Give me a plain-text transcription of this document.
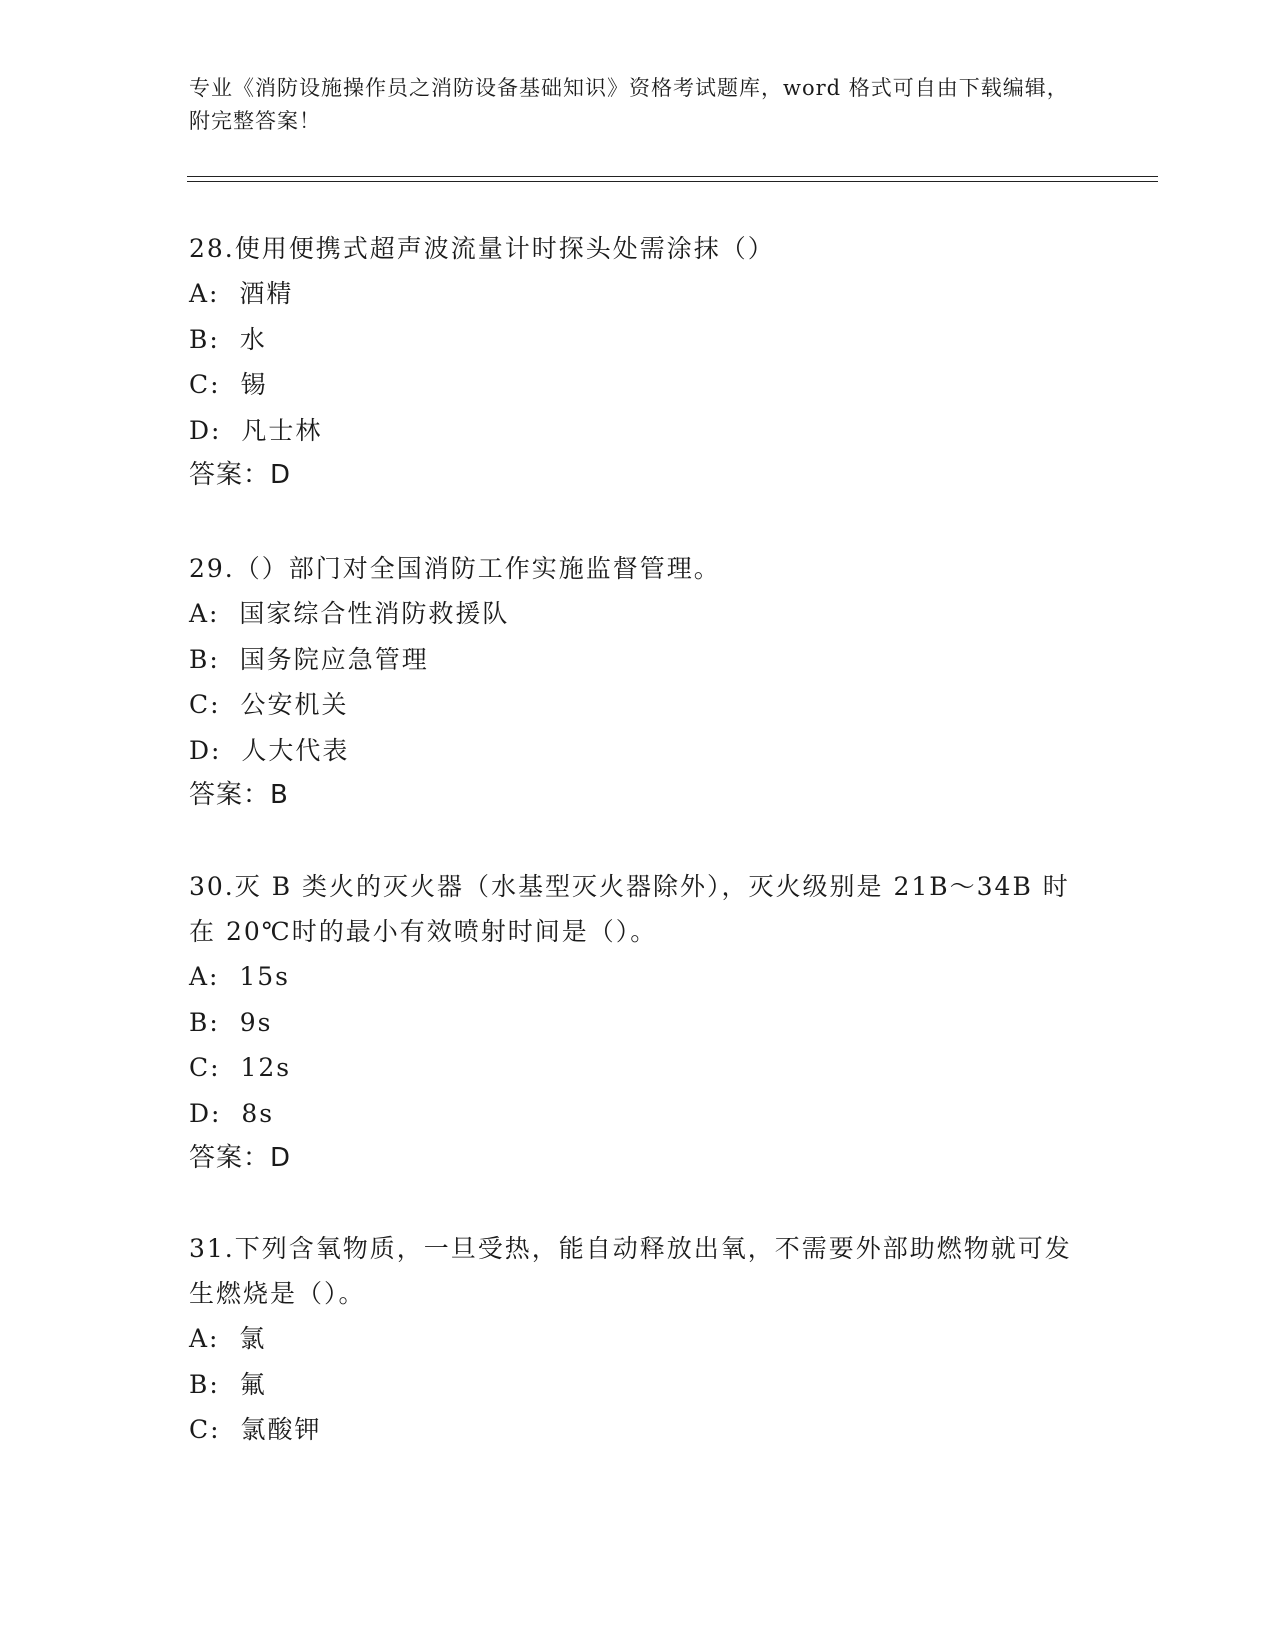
专业《消防设施操作员之消防设备基础知识》资格考试题库，word 格式可自由下载编辑，附完整答案！

28.使用便携式超声波流量计时探头处需涂抹（）

A:  酒精

B:  水

C:  锡

D:  凡士林

答案：D

29.（）部门对全国消防工作实施监督管理。

A:  国家综合性消防救援队

B:  国务院应急管理

C:  公安机关

D:  人大代表

答案：B

30.灭 B 类火的灭火器（水基型灭火器除外），灭火级别是 21B～34B 时在 20℃时的最小有效喷射时间是（）。

A:  15s

B:  9s

C:  12s

D:  8s

答案：D

31.下列含氧物质，一旦受热，能自动释放出氧，不需要外部助燃物就可发生燃烧是（）。

A:  氯

B:  氟

C:  氯酸钾
